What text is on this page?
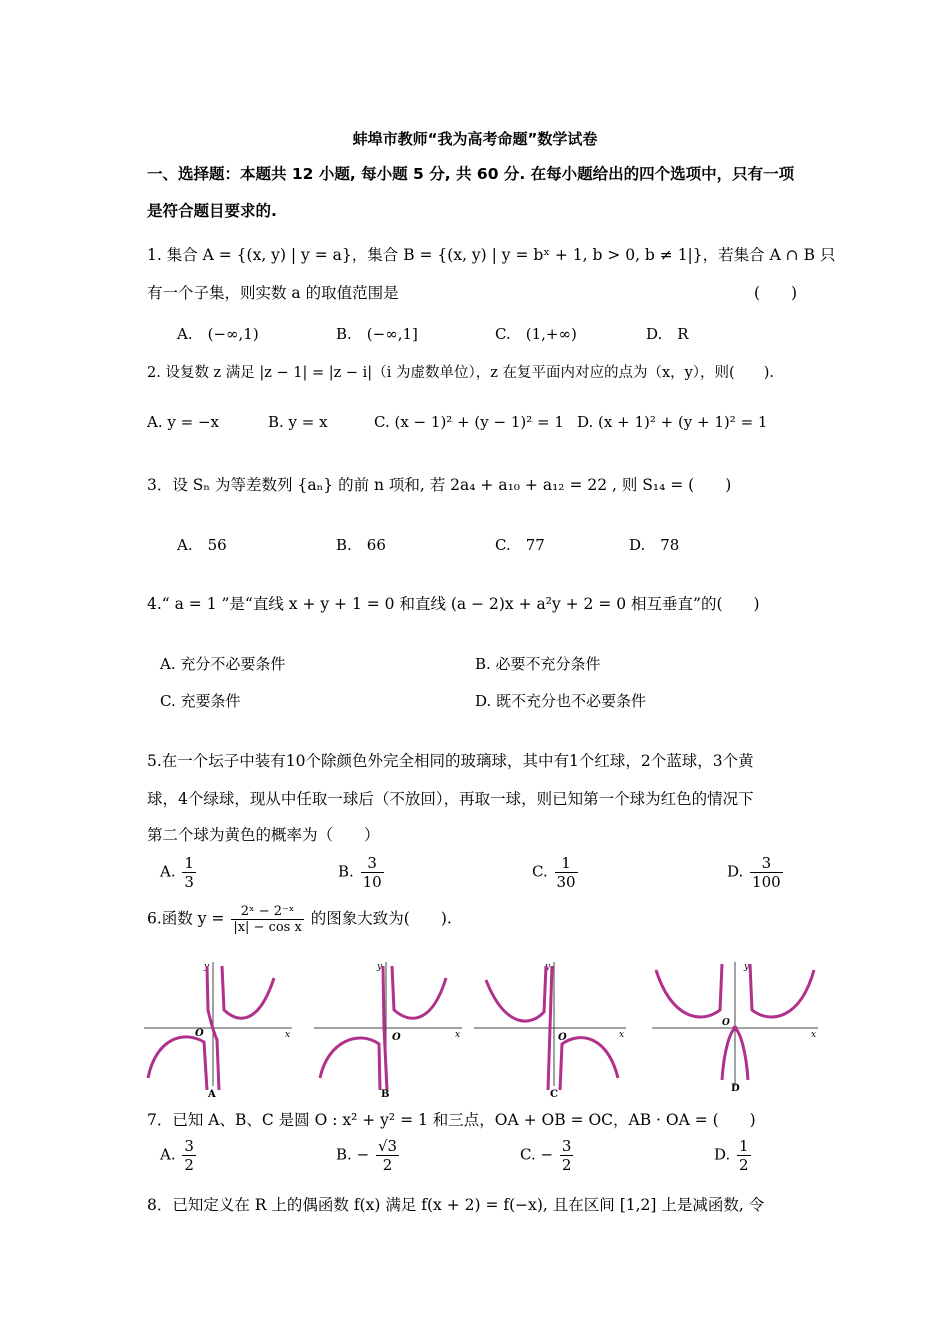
蚌埠市教师“我为高考命题”数学试卷
一、选择题：本题共 12 小题, 每小题 5 分, 共 60 分. 在每小题给出的四个选项中，只有一项
是符合题目要求的.
1. 集合 A = {(x, y) | y = a}，集合 B = {(x, y) | y = bˣ + 1, b > 0, b ≠ 1|}，若集合 A ∩ B 只
有一个子集，则实数 a 的取值范围是	(　　)
A.　(−∞,1)	B.　(−∞,1]	C.　(1,+∞)	D.　R
2. 设复数 z 满足 |z − 1| = |z − i|（i 为虚数单位），z 在复平面内对应的点为（x，y），则(　　).
A. y = −x	B. y = x	C. (x − 1)² + (y − 1)² = 1 D. (x + 1)² + (y + 1)² = 1
3．设 Sₙ 为等差数列 {aₙ} 的前 n 项和, 若 2a₄ + a₁₀ + a₁₂ = 22 , 则 S₁₄ = (　　)
A.　56	B.　66	C.　77	D.　78
4.“ a = 1 ”是“直线 x + y + 1 = 0 和直线 (a − 2)x + a²y + 2 = 0 相互垂直”的(　　)
A. 充分不必要条件	B. 必要不充分条件
C. 充要条件	D. 既不充分也不必要条件
5.在一个坛子中装有10个除颜色外完全相同的玻璃球，其中有1个红球，2个蓝球，3个黄
球，4个绿球，现从中任取一球后（不放回），再取一球，则已知第一个球为红色的情况下
第二个球为黄色的概率为（　　）
A. $\frac{1}{3}$	B. $\frac{3}{10}$	C. $\frac{1}{30}$	D. $\frac{3}{100}$
6.函数 $y = \frac{\text{2ˣ − 2⁻ˣ}}{\text{|x| − cos x}}$ 的图象大致为(　　).
y
x
O
A
y
x
O
B
y
x
O
C
y
x
O
D
7．已知 A、B、C 是圆 O : x² + y² = 1 和三点，OA + OB = OC，AB · OA = (　　)
A. $\frac{3}{2}$	B. − $\frac{√3}{2}$	C. − $\frac{3}{2}$	D. $\frac{1}{2}$
8．已知定义在 R 上的偶函数 f(x) 满足 f(x + 2) = f(−x), 且在区间 [1,2] 上是减函数, 令
